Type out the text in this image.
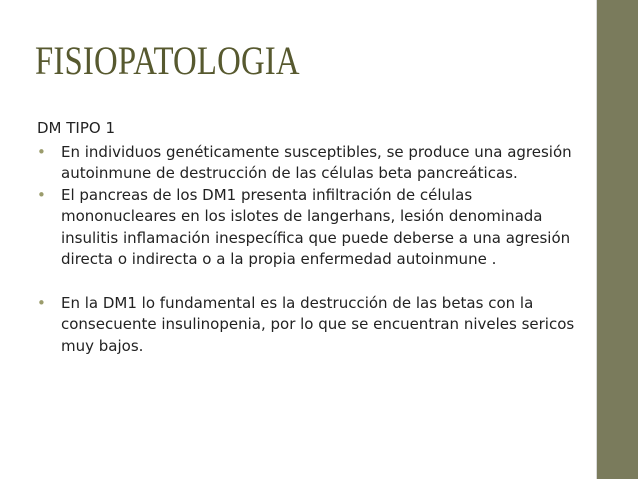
FISIOPATOLOGIA

DM TIPO 1

• En individuos genéticamente susceptibles, se produce una agresión autoinmune de destrucción de las células beta pancreáticas.
• El pancreas de los DM1 presenta infiltración de células mononucleares en los islotes de langerhans, lesión denominada insulitis inflamación inespecífica que puede deberse a una agresión directa o indirecta o a la propia enfermedad autoinmune .
• En la DM1 lo fundamental es la destrucción de las betas con la consecuente insulinopenia, por lo que se encuentran niveles sericos muy bajos.
